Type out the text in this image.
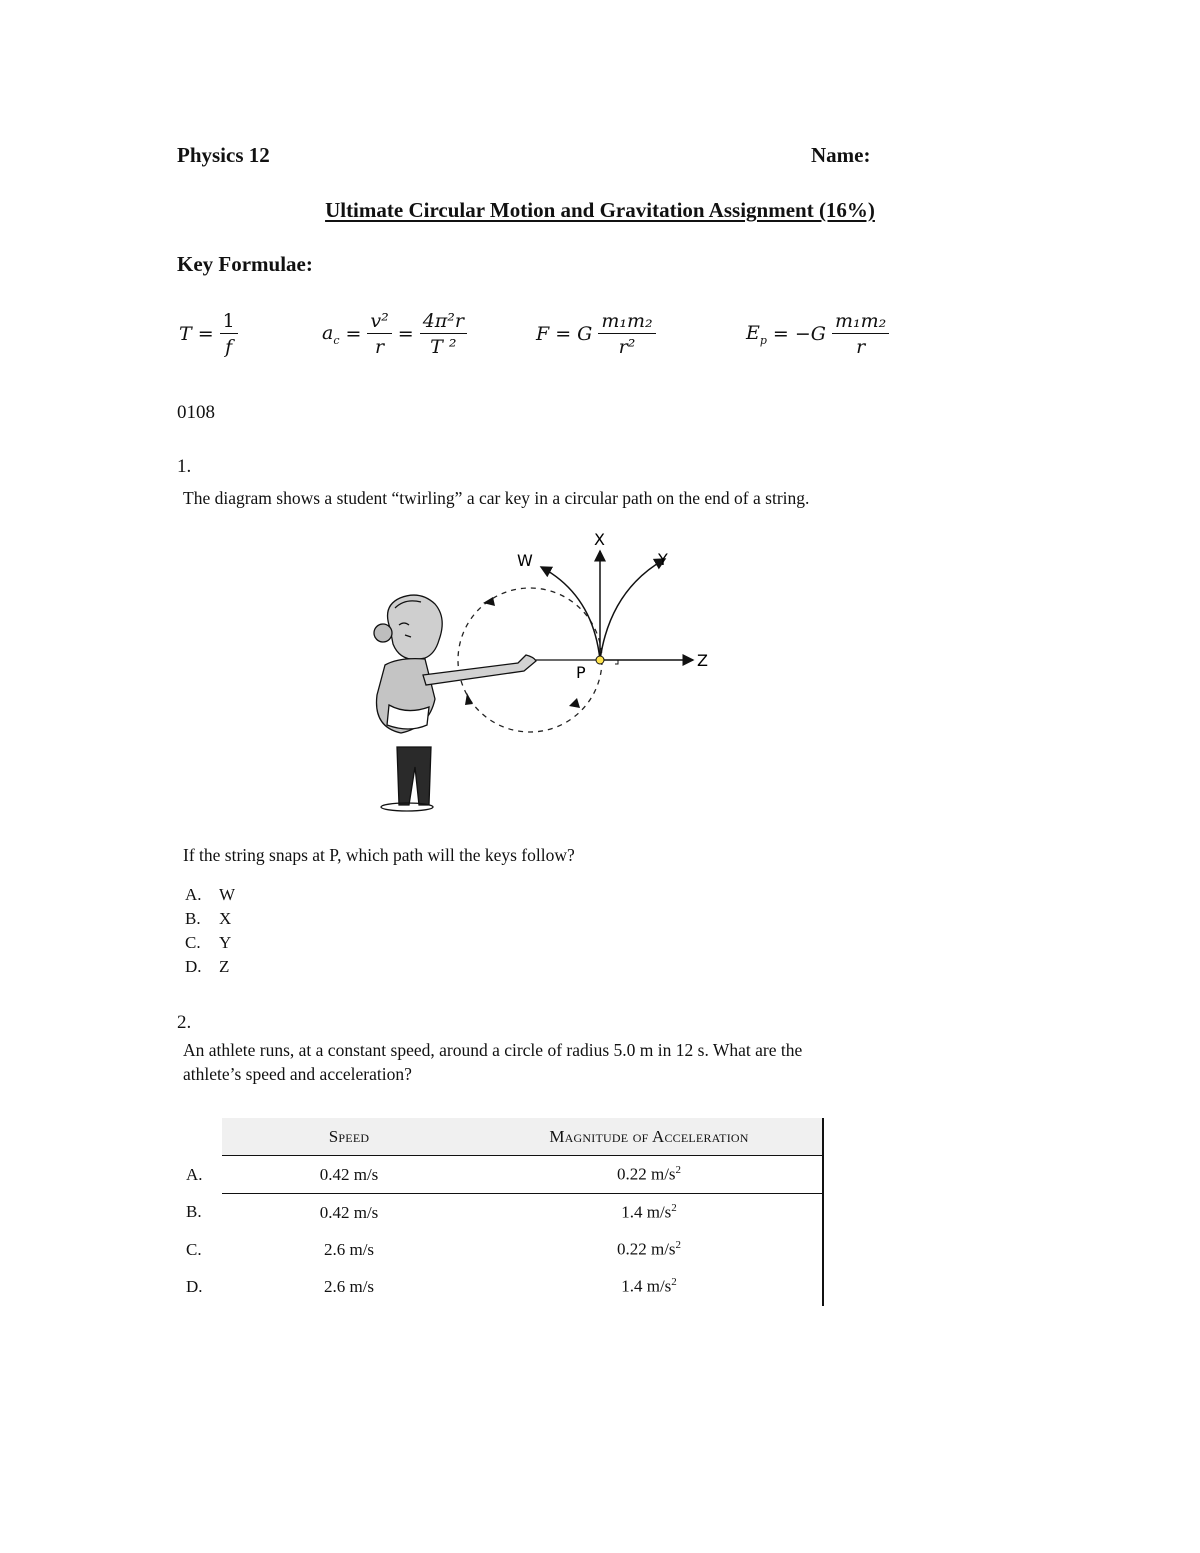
Physics 12	Name:
Ultimate Circular Motion and Gravitation Assignment (16%)
Key Formulae:
$T = \frac{1}{f}$	$a_c = \frac{\text{v²}}{r} = \frac{\text{4π²r}}{\text{T ²}}$	F = G $\frac{\text{m₁m₂}}{\text{r²}}$	$E_p = -G \frac{\text{m₁m₂}}{r}$
0108
1.
The diagram shows a student “twirling” a car key in a circular path on the end of a string.
W
X
Y
Z
P
If the string snaps at P, which path will the keys follow?
A. W
B. X
C. Y
D. Z
2.
An athlete runs, at a constant speed, around a circle of radius 5.0 m in 12 s. What are the
athlete’s speed and acceleration?
	Speed	Magnitude of Acceleration
A.	0.42 m/s	0.22 $m/s^2$
B.	0.42 m/s	1.4 $m/s^2$
C.	2.6 m/s	0.22 $m/s^2$
D.	2.6 m/s	1.4 $m/s^2$
